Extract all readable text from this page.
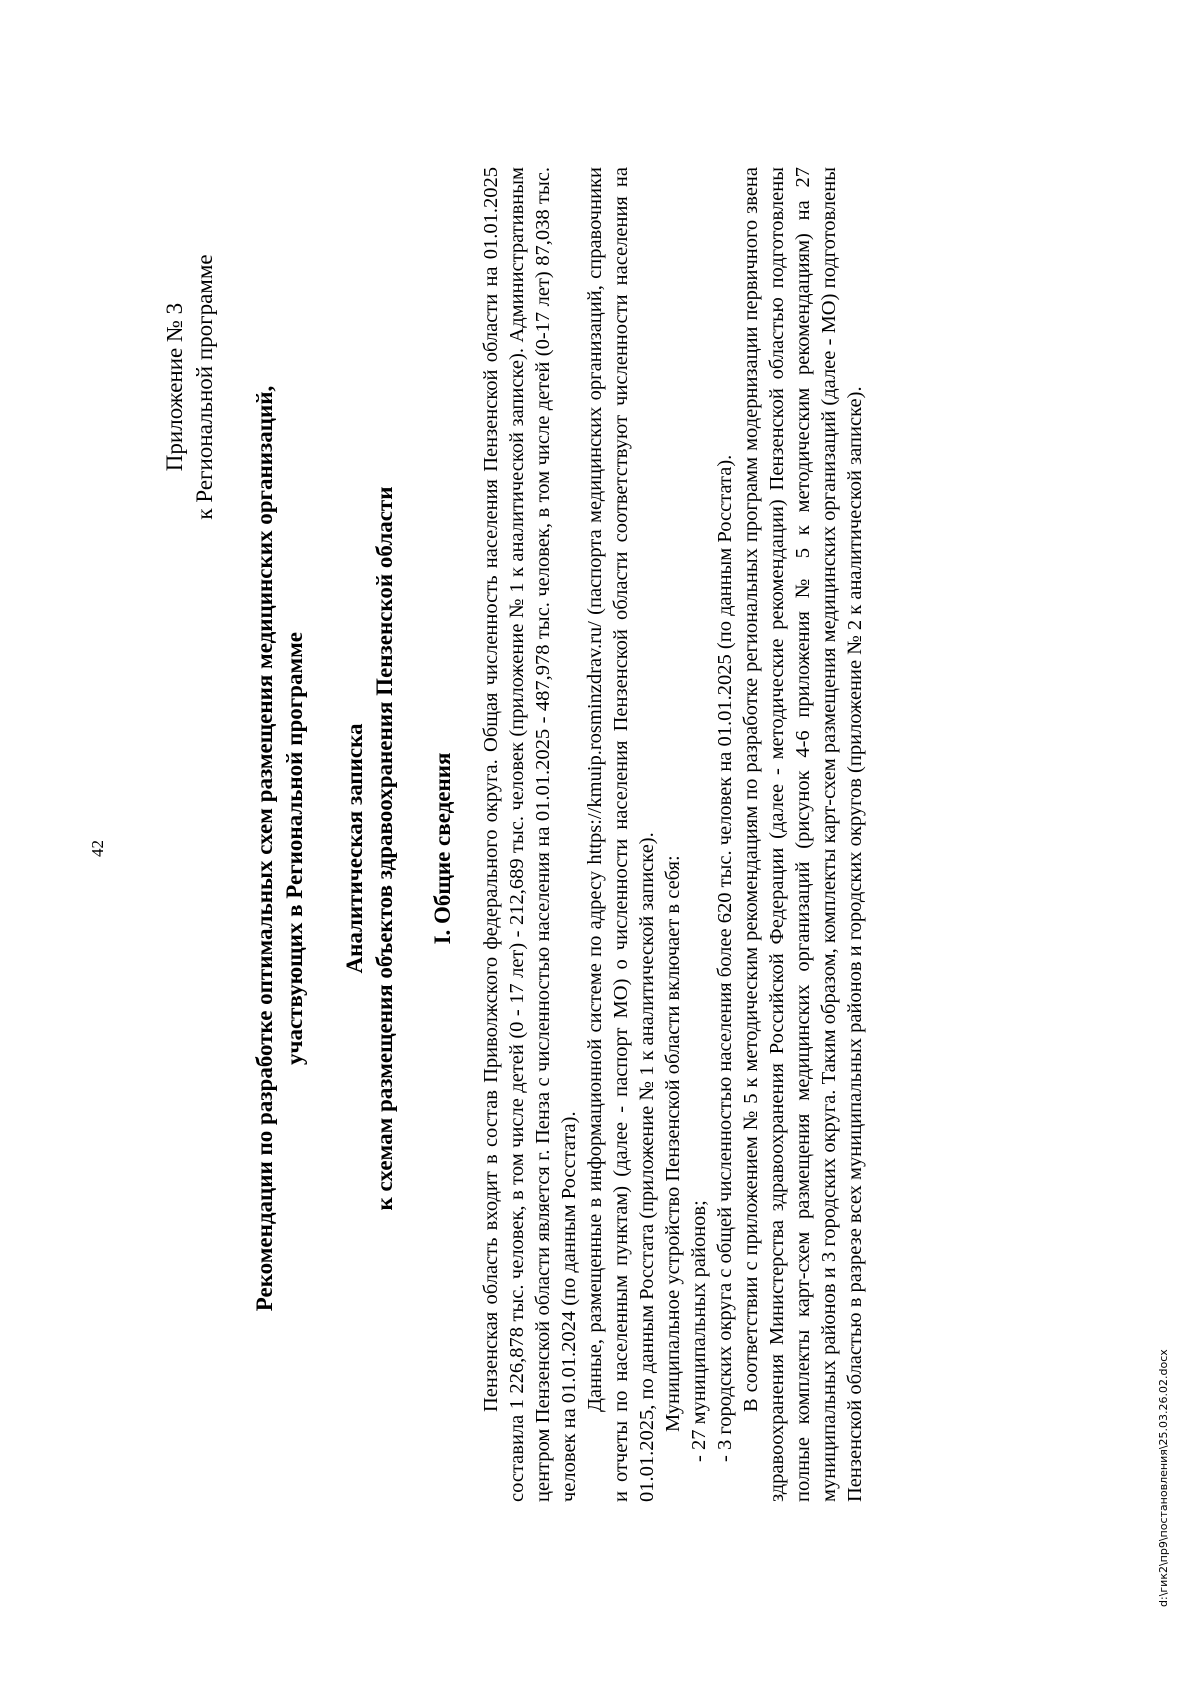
42
Приложение № 3 к Региональной программе Рекомендации по разработке оптимальных схем размещения медицинских организаций, участвующих в Региональной программе Аналитическая записка к схемам размещения объектов здравоохранения Пензенской области I. Общие сведения Пензенская область входит в состав Приволжского федерального округа. Общая численность населения Пензенской области на 01.01.2025 составила 1 226,878 тыс. человек, в том числе детей (0 - 17 лет) - 212,689 тыс. человек (приложение № 1 к аналитической записке). Административным центром Пензенской области является г. Пенза с численностью населения на 01.01.2025 - 487,978 тыс. человек, в том числе детей (0-17 лет) 87,038 тыс. человек на 01.01.2024 (по данным Росстата). Данные, размещенные в информационной системе по адресу https://kmuip.rosminzdrav.ru/ (паспорта медицинских организаций, справочники и отчеты по населенным пунктам) (далее - паспорт МО) о численности населения Пензенской области соответствуют численности населения на 01.01.2025, по данным Росстата (приложение № 1 к аналитической записке). Муниципальное устройство Пензенской области включает в себя: - 27 муниципальных районов; - 3 городских округа с общей численностью населения более 620 тыс. человек на 01.01.2025 (по данным Росстата). В соответствии с приложением № 5 к методическим рекомендациям по разработке региональных программ модернизации первичного звена здравоохранения Министерства здравоохранения Российской Федерации (далее - методические рекомендации) Пензенской областью подготовлены полные комплекты карт-схем размещения медицинских организаций (рисунок 4-6 приложения № 5 к методическим рекомендациям) на 27 муниципальных районов и 3 городских округа. Таким образом, комплекты карт-схем размещения медицинских организаций (далее - МО) подготовлены Пензенской областью в разрезе всех муниципальных районов и городских округов (приложение № 2 к аналитической записке).	d:\гик2\пр9\постановления\25.03.26.02.docx
